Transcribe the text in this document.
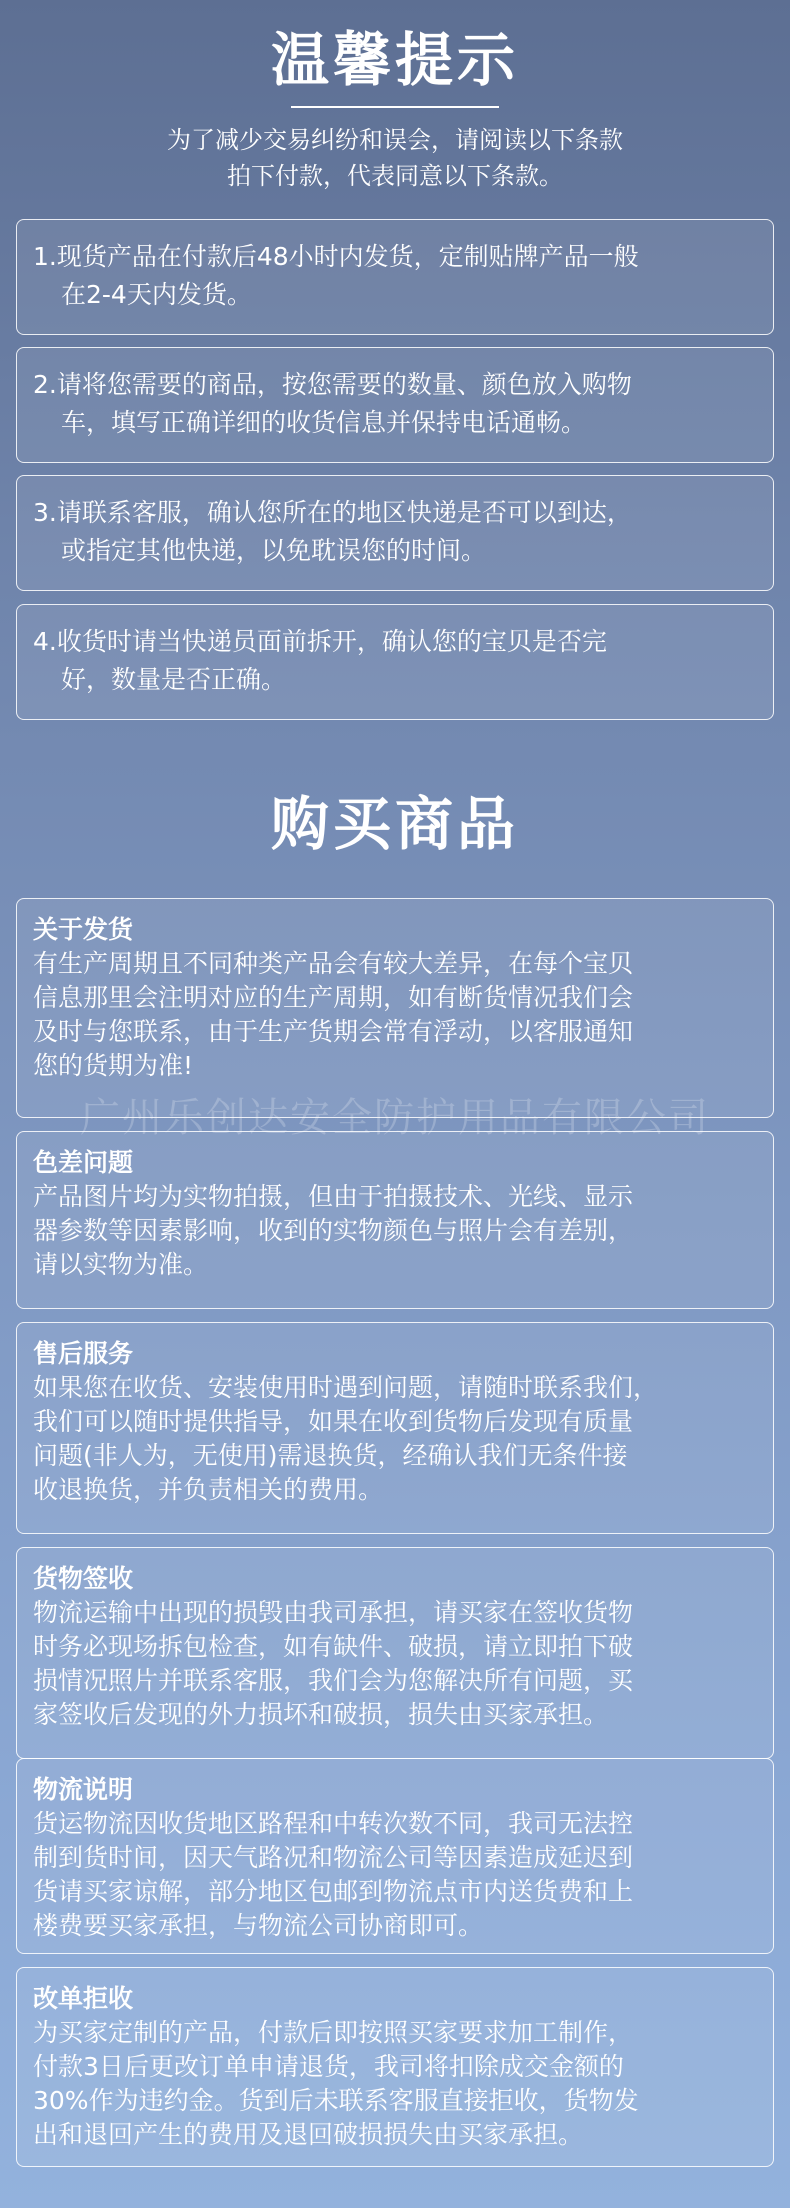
温馨提示
为了减少交易纠纷和误会，请阅读以下条款
拍下付款，代表同意以下条款。
1.现货产品在付款后48小时内发货，定制贴牌产品一般
在2-4天内发货。
2.请将您需要的商品，按您需要的数量、颜色放入购物
车，填写正确详细的收货信息并保持电话通畅。
3.请联系客服，确认您所在的地区快递是否可以到达，
或指定其他快递，以免耽误您的时间。
4.收货时请当快递员面前拆开，确认您的宝贝是否完
好，数量是否正确。
购买商品
关于发货
有生产周期且不同种类产品会有较大差异，在每个宝贝
信息那里会注明对应的生产周期，如有断货情况我们会
及时与您联系，由于生产货期会常有浮动，以客服通知
您的货期为准!
色差问题
产品图片均为实物拍摄，但由于拍摄技术、光线、显示
器参数等因素影响，收到的实物颜色与照片会有差别，
请以实物为准。
售后服务
如果您在收货、安装使用时遇到问题，请随时联系我们，
我们可以随时提供指导，如果在收到货物后发现有质量
问题(非人为，无使用)需退换货，经确认我们无条件接
收退换货，并负责相关的费用。
货物签收
物流运输中出现的损毁由我司承担，请买家在签收货物
时务必现场拆包检查，如有缺件、破损，请立即拍下破
损情况照片并联系客服，我们会为您解决所有问题，买
家签收后发现的外力损坏和破损，损失由买家承担。
物流说明
货运物流因收货地区路程和中转次数不同，我司无法控
制到货时间，因天气路况和物流公司等因素造成延迟到
货请买家谅解，部分地区包邮到物流点市内送货费和上
楼费要买家承担，与物流公司协商即可。
改单拒收
为买家定制的产品，付款后即按照买家要求加工制作，
付款3日后更改订单申请退货，我司将扣除成交金额的
30%作为违约金。货到后未联系客服直接拒收，货物发
出和退回产生的费用及退回破损损失由买家承担。
广州乐创达安全防护用品有限公司
